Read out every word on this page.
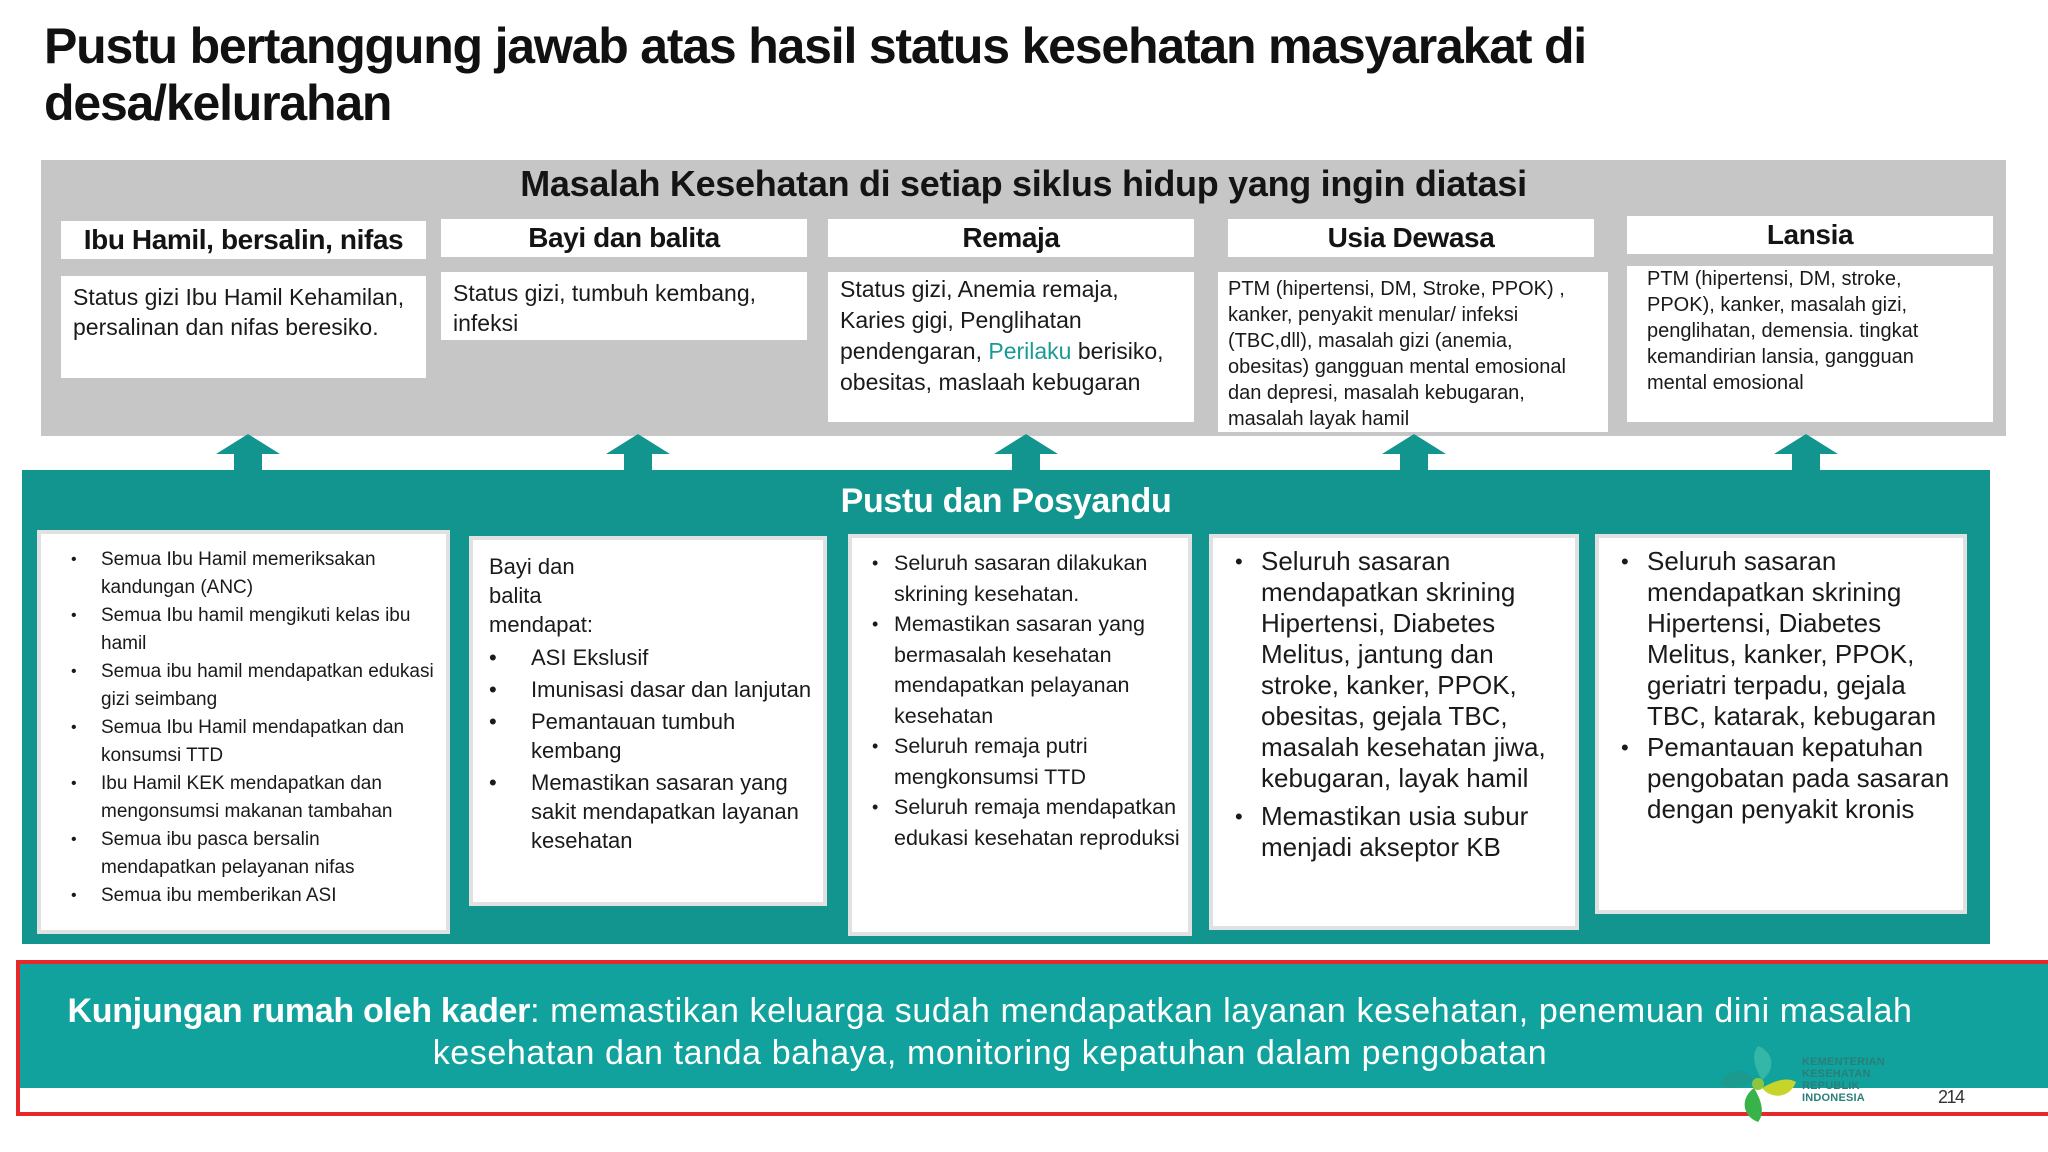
Pustu bertanggung jawab atas hasil status kesehatan masyarakat di desa/kelurahan
Masalah Kesehatan di setiap siklus hidup yang ingin diatasi
Ibu Hamil, bersalin, nifas	Bayi dan balita	Remaja	Usia Dewasa	Lansia
Status gizi Ibu Hamil Kehamilan, persalinan dan nifas beresiko.
Status gizi, tumbuh kembang, infeksi
Status gizi, Anemia remaja, Karies gigi, Penglihatan pendengaran, Perilaku berisiko, obesitas, maslaah kebugaran
PTM (hipertensi, DM, Stroke, PPOK) , kanker, penyakit menular/ infeksi (TBC,dll), masalah gizi (anemia, obesitas) gangguan mental emosional dan depresi, masalah kebugaran, masalah layak hamil
PTM (hipertensi, DM, stroke, PPOK), kanker, masalah gizi, penglihatan, demensia. tingkat kemandirian lansia, gangguan mental emosional
Pustu dan Posyandu
• Semua Ibu Hamil memeriksakan kandungan (ANC)
• Semua Ibu hamil mengikuti kelas ibu hamil
• Semua ibu hamil mendapatkan edukasi gizi seimbang
• Semua Ibu Hamil mendapatkan dan konsumsi TTD
• Ibu Hamil KEK mendapatkan dan mengonsumsi makanan tambahan
• Semua ibu pasca bersalin mendapatkan pelayanan nifas
• Semua ibu memberikan ASI
Bayi dan balita mendapat:
• ASI Ekslusif
• Imunisasi dasar dan lanjutan
• Pemantauan tumbuh kembang
• Memastikan sasaran yang sakit mendapatkan layanan kesehatan
• Seluruh sasaran dilakukan skrining kesehatan.
• Memastikan sasaran yang bermasalah kesehatan mendapatkan pelayanan kesehatan
• Seluruh remaja putri mengkonsumsi TTD
• Seluruh remaja mendapatkan edukasi kesehatan reproduksi
• Seluruh sasaran mendapatkan skrining Hipertensi, Diabetes Melitus, jantung dan stroke, kanker, PPOK, obesitas, gejala TBC, masalah kesehatan jiwa, kebugaran, layak hamil
• Memastikan usia subur menjadi akseptor KB
• Seluruh sasaran mendapatkan skrining Hipertensi, Diabetes Melitus, kanker, PPOK, geriatri terpadu, gejala TBC, katarak, kebugaran
• Pemantauan kepatuhan pengobatan pada sasaran dengan penyakit kronis
Kunjungan rumah oleh kader: memastikan keluarga sudah mendapatkan layanan kesehatan, penemuan dini masalah kesehatan dan tanda bahaya, monitoring kepatuhan dalam pengobatan	KEMENTERIAN KESEHATAN REPUBLIK INDONESIA	214
